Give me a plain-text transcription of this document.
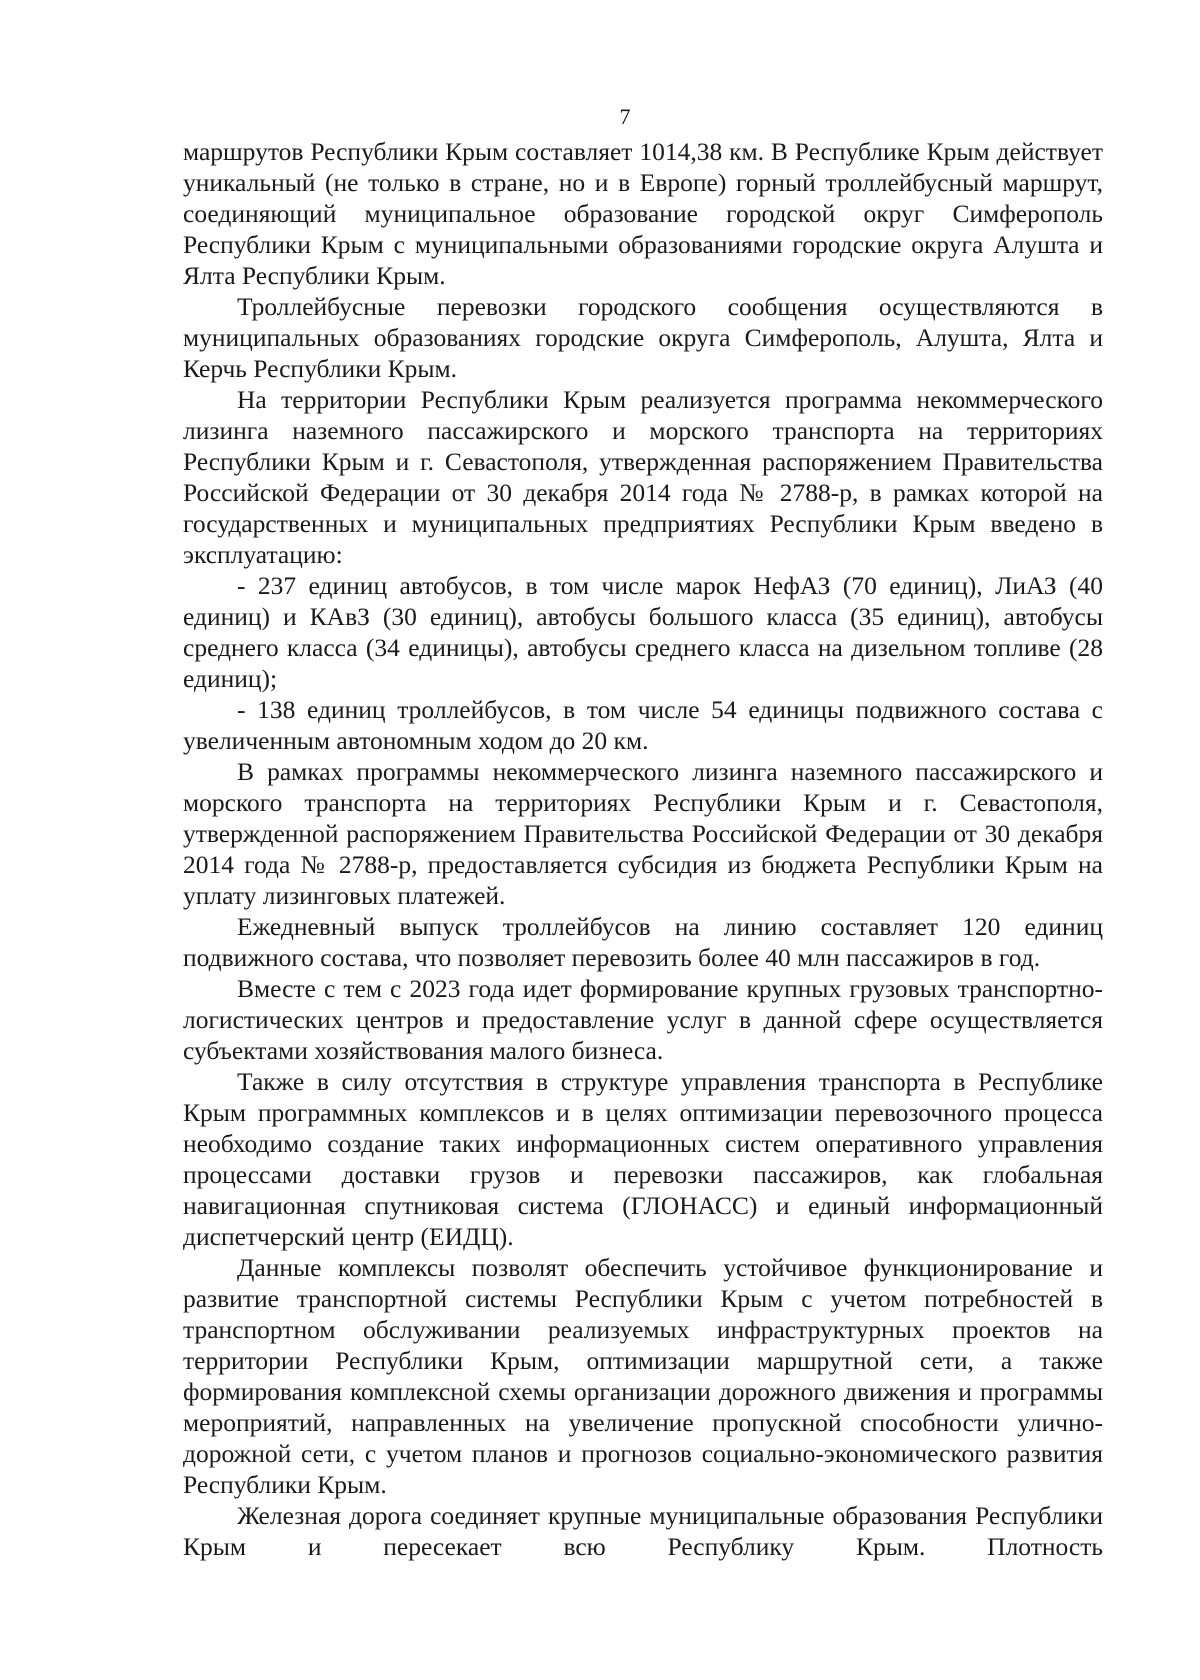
7

маршрутов Республики Крым составляет 1014,38 км. В Республике Крым действует уникальный (не только в стране, но и в Европе) горный троллейбусный маршрут, соединяющий муниципальное образование городской округ Симферополь Республики Крым с муниципальными образованиями городские округа Алушта и Ялта Республики Крым.

Троллейбусные перевозки городского сообщения осуществляются в муниципальных образованиях городские округа Симферополь, Алушта, Ялта и Керчь Республики Крым.

На территории Республики Крым реализуется программа некоммерческого лизинга наземного пассажирского и морского транспорта на территориях Республики Крым и г. Севастополя, утвержденная распоряжением Правительства Российской Федерации от 30 декабря 2014 года № 2788-р, в рамках которой на государственных и муниципальных предприятиях Республики Крым введено в эксплуатацию:

- 237 единиц автобусов, в том числе марок НефАЗ (70 единиц), ЛиАЗ (40 единиц) и КАвЗ (30 единиц), автобусы большого класса (35 единиц), автобусы среднего класса (34 единицы), автобусы среднего класса на дизельном топливе (28 единиц);

- 138 единиц троллейбусов, в том числе 54 единицы подвижного состава с увеличенным автономным ходом до 20 км.

В рамках программы некоммерческого лизинга наземного пассажирского и морского транспорта на территориях Республики Крым и г. Севастополя, утвержденной распоряжением Правительства Российской Федерации от 30 декабря 2014 года № 2788-р, предоставляется субсидия из бюджета Республики Крым на уплату лизинговых платежей.

Ежедневный выпуск троллейбусов на линию составляет 120 единиц подвижного состава, что позволяет перевозить более 40 млн пассажиров в год.

Вместе с тем с 2023 года идет формирование крупных грузовых транспортно-логистических центров и предоставление услуг в данной сфере осуществляется субъектами хозяйствования малого бизнеса.

Также в силу отсутствия в структуре управления транспорта в Республике Крым программных комплексов и в целях оптимизации перевозочного процесса необходимо создание таких информационных систем оперативного управления процессами доставки грузов и перевозки пассажиров, как глобальная навигационная спутниковая система (ГЛОНАСС) и единый информационный диспетчерский центр (ЕИДЦ).

Данные комплексы позволят обеспечить устойчивое функционирование и развитие транспортной системы Республики Крым с учетом потребностей в транспортном обслуживании реализуемых инфраструктурных проектов на территории Республики Крым, оптимизации маршрутной сети, а также формирования комплексной схемы организации дорожного движения и программы мероприятий, направленных на увеличение пропускной способности улично-дорожной сети, с учетом планов и прогнозов социально-экономического развития Республики Крым.

Железная дорога соединяет крупные муниципальные образования Республики Крым и пересекает всю Республику Крым. Плотность
